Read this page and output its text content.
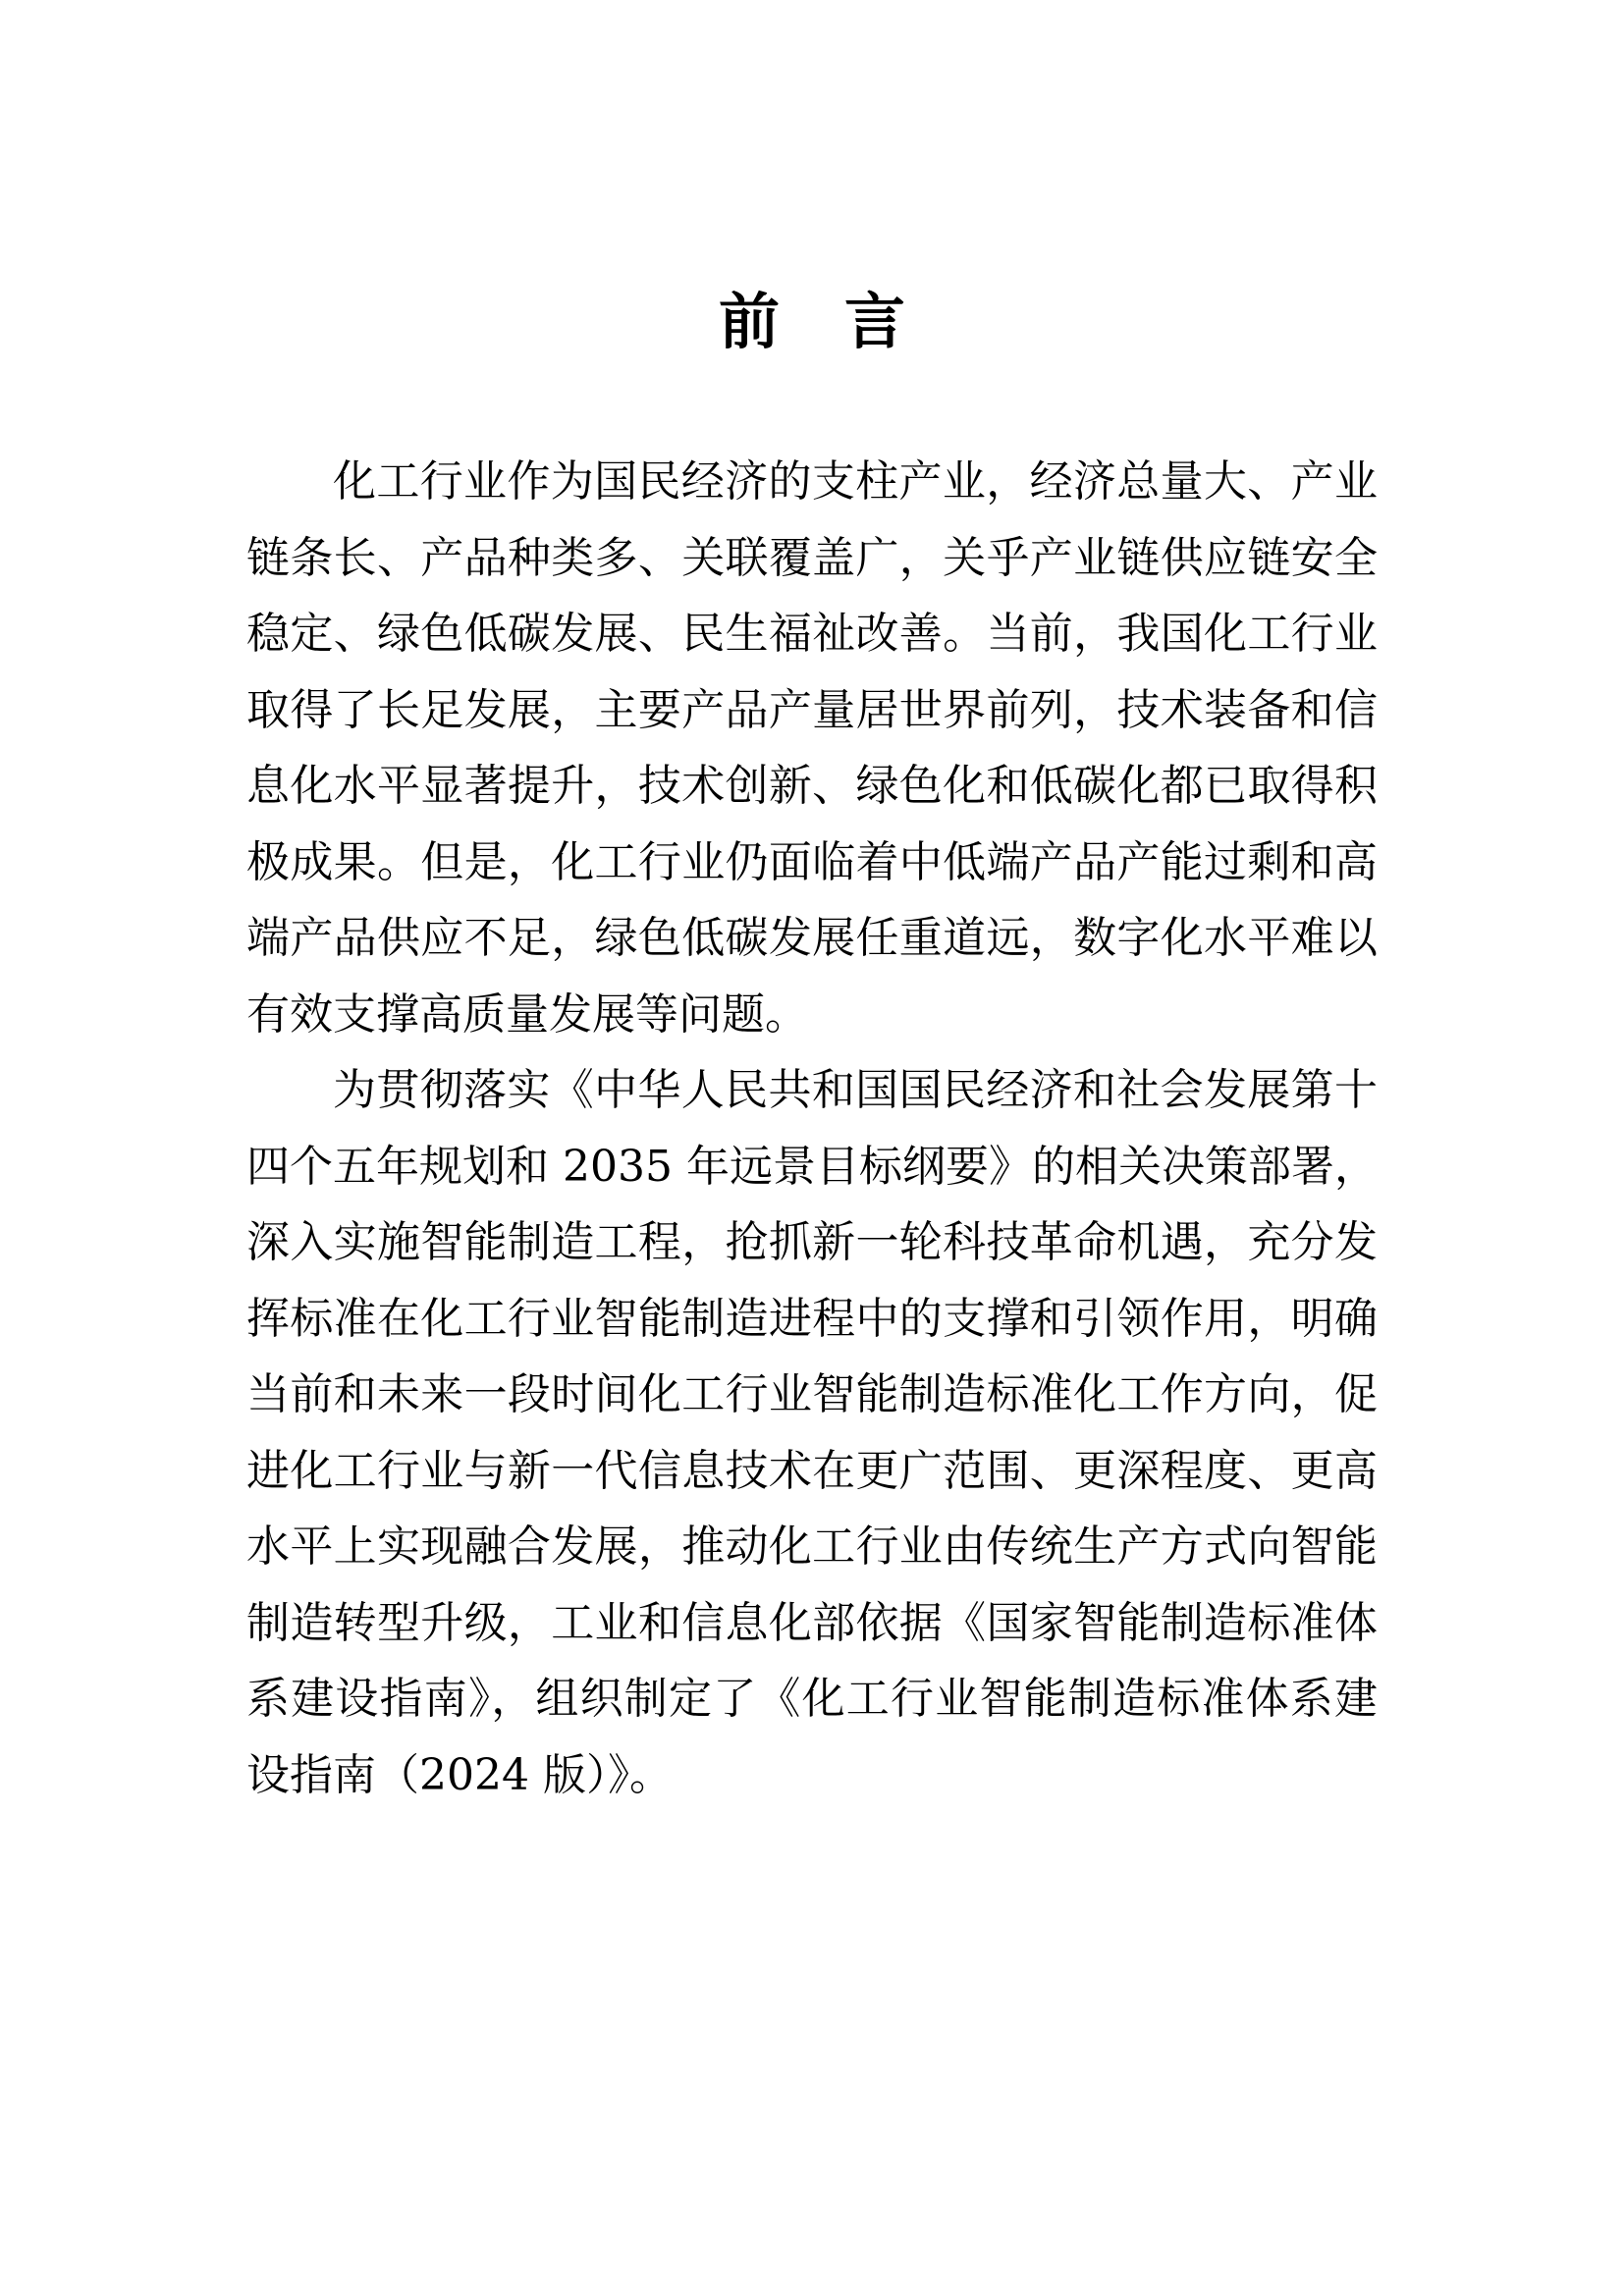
前言
化工行业作为国民经济的支柱产业，经济总量大、产业
链条长、产品种类多、关联覆盖广，关乎产业链供应链安全
稳定、绿色低碳发展、民生福祉改善。当前，我国化工行业
取得了长足发展，主要产品产量居世界前列，技术装备和信
息化水平显著提升，技术创新、绿色化和低碳化都已取得积
极成果。但是，化工行业仍面临着中低端产品产能过剩和高
端产品供应不足，绿色低碳发展任重道远，数字化水平难以
有效支撑高质量发展等问题。
为贯彻落实《中华人民共和国国民经济和社会发展第十
四个五年规划和 2035 年远景目标纲要》的相关决策部署，
深入实施智能制造工程，抢抓新一轮科技革命机遇，充分发
挥标准在化工行业智能制造进程中的支撑和引领作用，明确
当前和未来一段时间化工行业智能制造标准化工作方向，促
进化工行业与新一代信息技术在更广范围、更深程度、更高
水平上实现融合发展，推动化工行业由传统生产方式向智能
制造转型升级，工业和信息化部依据《国家智能制造标准体
系建设指南》，组织制定了《化工行业智能制造标准体系建
设指南（2024 版）》。
